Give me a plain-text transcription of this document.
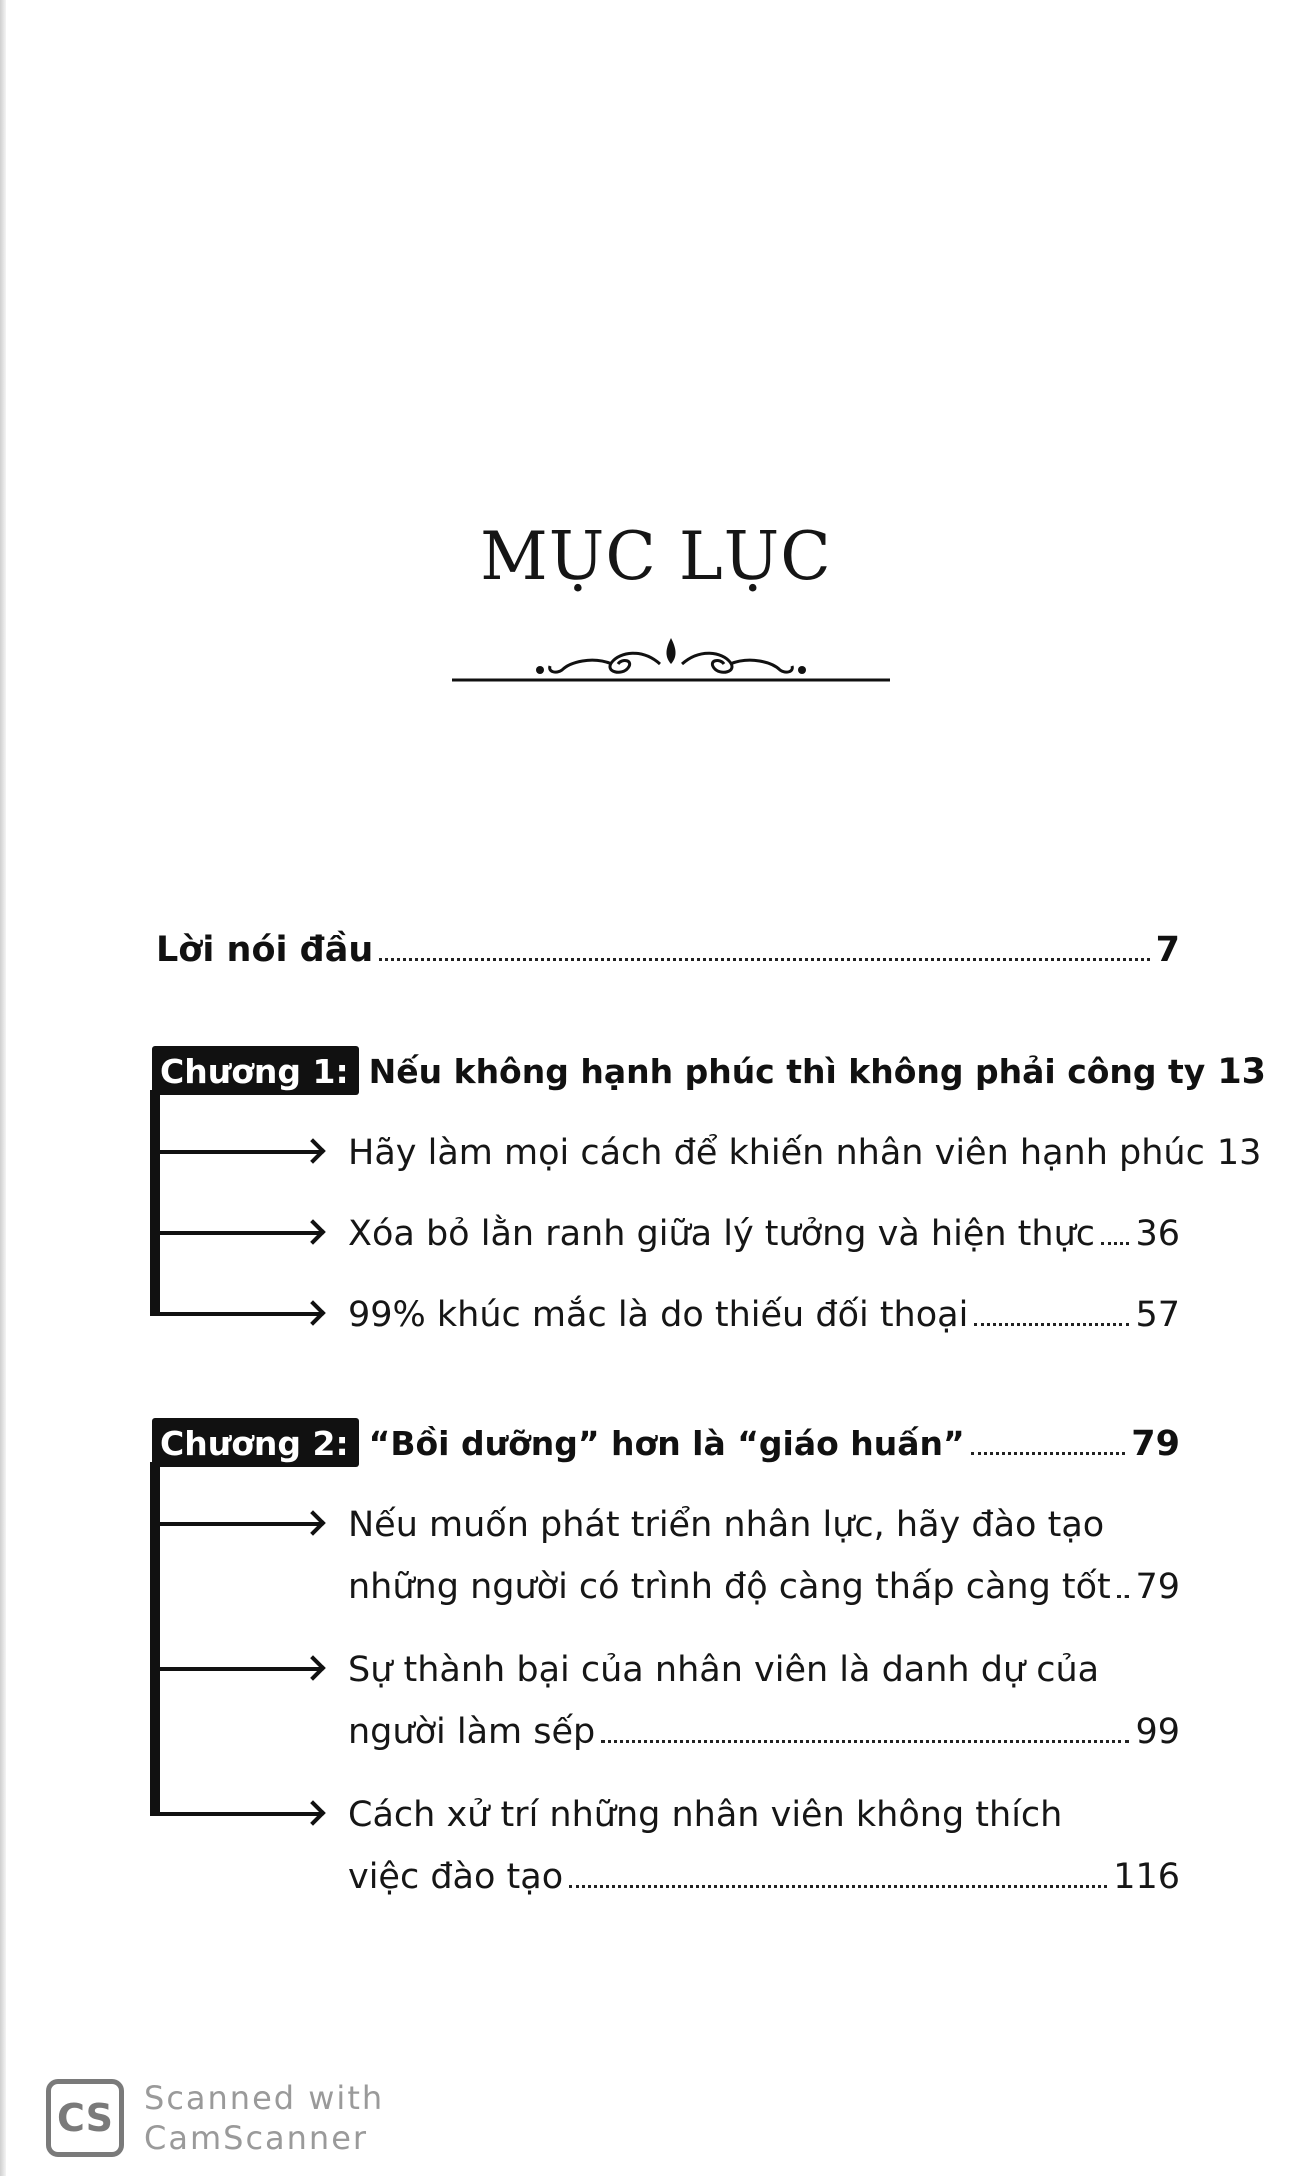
MỤC LỤC
Lời nói đầu	7
Chương 1: Nếu không hạnh phúc thì không phải công ty 13
Hãy làm mọi cách để khiến nhân viên hạnh phúc 13
Xóa bỏ lằn ranh giữa lý tưởng và hiện thực 36
99% khúc mắc là do thiếu đối thoại	57
Chương 2: “Bồi dưỡng” hơn là “giáo huấn”	79
Nếu muốn phát triển nhân lực, hãy đào tạo
những người có trình độ càng thấp càng tốt 79
Sự thành bại của nhân viên là danh dự của
người làm sếp	99
Cách xử trí những nhân viên không thích
việc đào tạo	116
CS Scanned with
CamScanner
